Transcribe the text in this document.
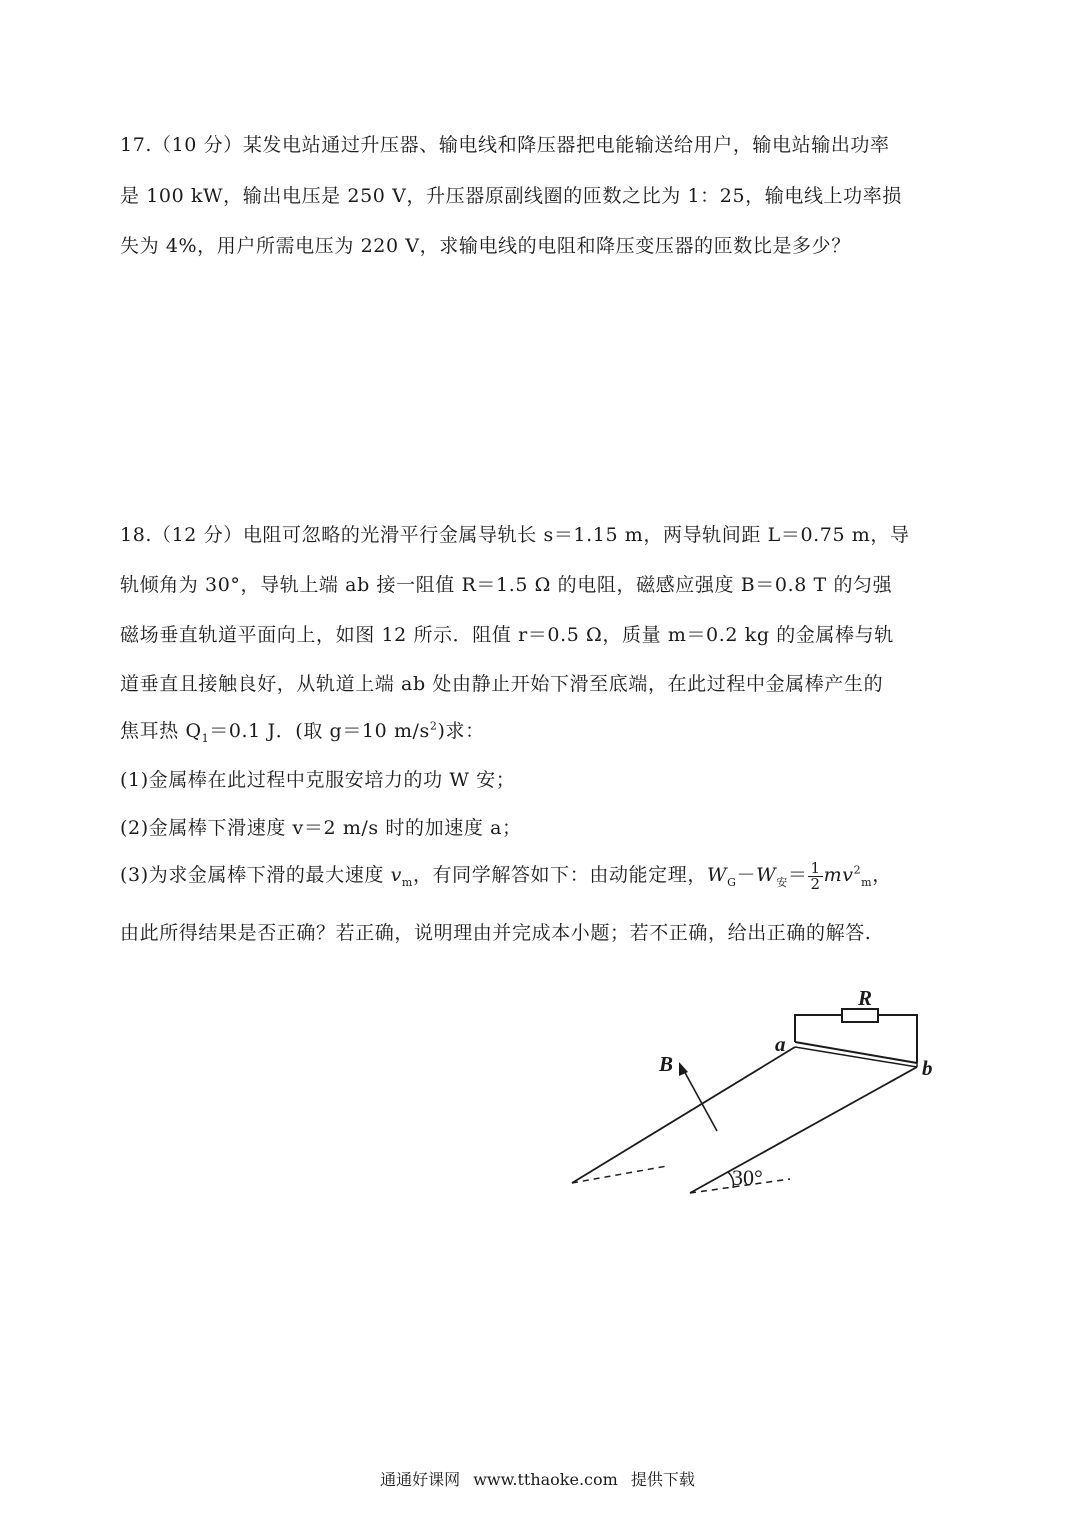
17.（10 分）某发电站通过升压器、输电线和降压器把电能输送给用户，输电站输出功率
是 100 kW，输出电压是 250 V，升压器原副线圈的匝数之比为 1：25，输电线上功率损
失为 4%，用户所需电压为 220 V，求输电线的电阻和降压变压器的匝数比是多少？
18.（12 分）电阻可忽略的光滑平行金属导轨长 s＝1.15 m，两导轨间距 L＝0.75 m，导
轨倾角为 30°，导轨上端 ab 接一阻值 R＝1.5 Ω 的电阻，磁感应强度 B＝0.8 T 的匀强
磁场垂直轨道平面向上，如图 12 所示．阻值 r＝0.5 Ω，质量 m＝0.2 kg 的金属棒与轨
道垂直且接触良好，从轨道上端 ab 处由静止开始下滑至底端，在此过程中金属棒产生的
焦耳热 $Q_1=0.1$ J．(取 g＝10 $m/s^2$)求：
(1)金属棒在此过程中克服安培力的功 W 安；
(2)金属棒下滑速度 v＝2 m/s 时的加速度 a；
(3)为求金属棒下滑的最大速度 $v_m$，有同学解答如下：由动能定理，$W_G-W_安= \frac{1}{2} mv^2_m$，
由此所得结果是否正确？若正确，说明理由并完成本小题；若不正确，给出正确的解答.
R
30°
B
a
b
通通好课网 www.tthaoke.com 提供下载
